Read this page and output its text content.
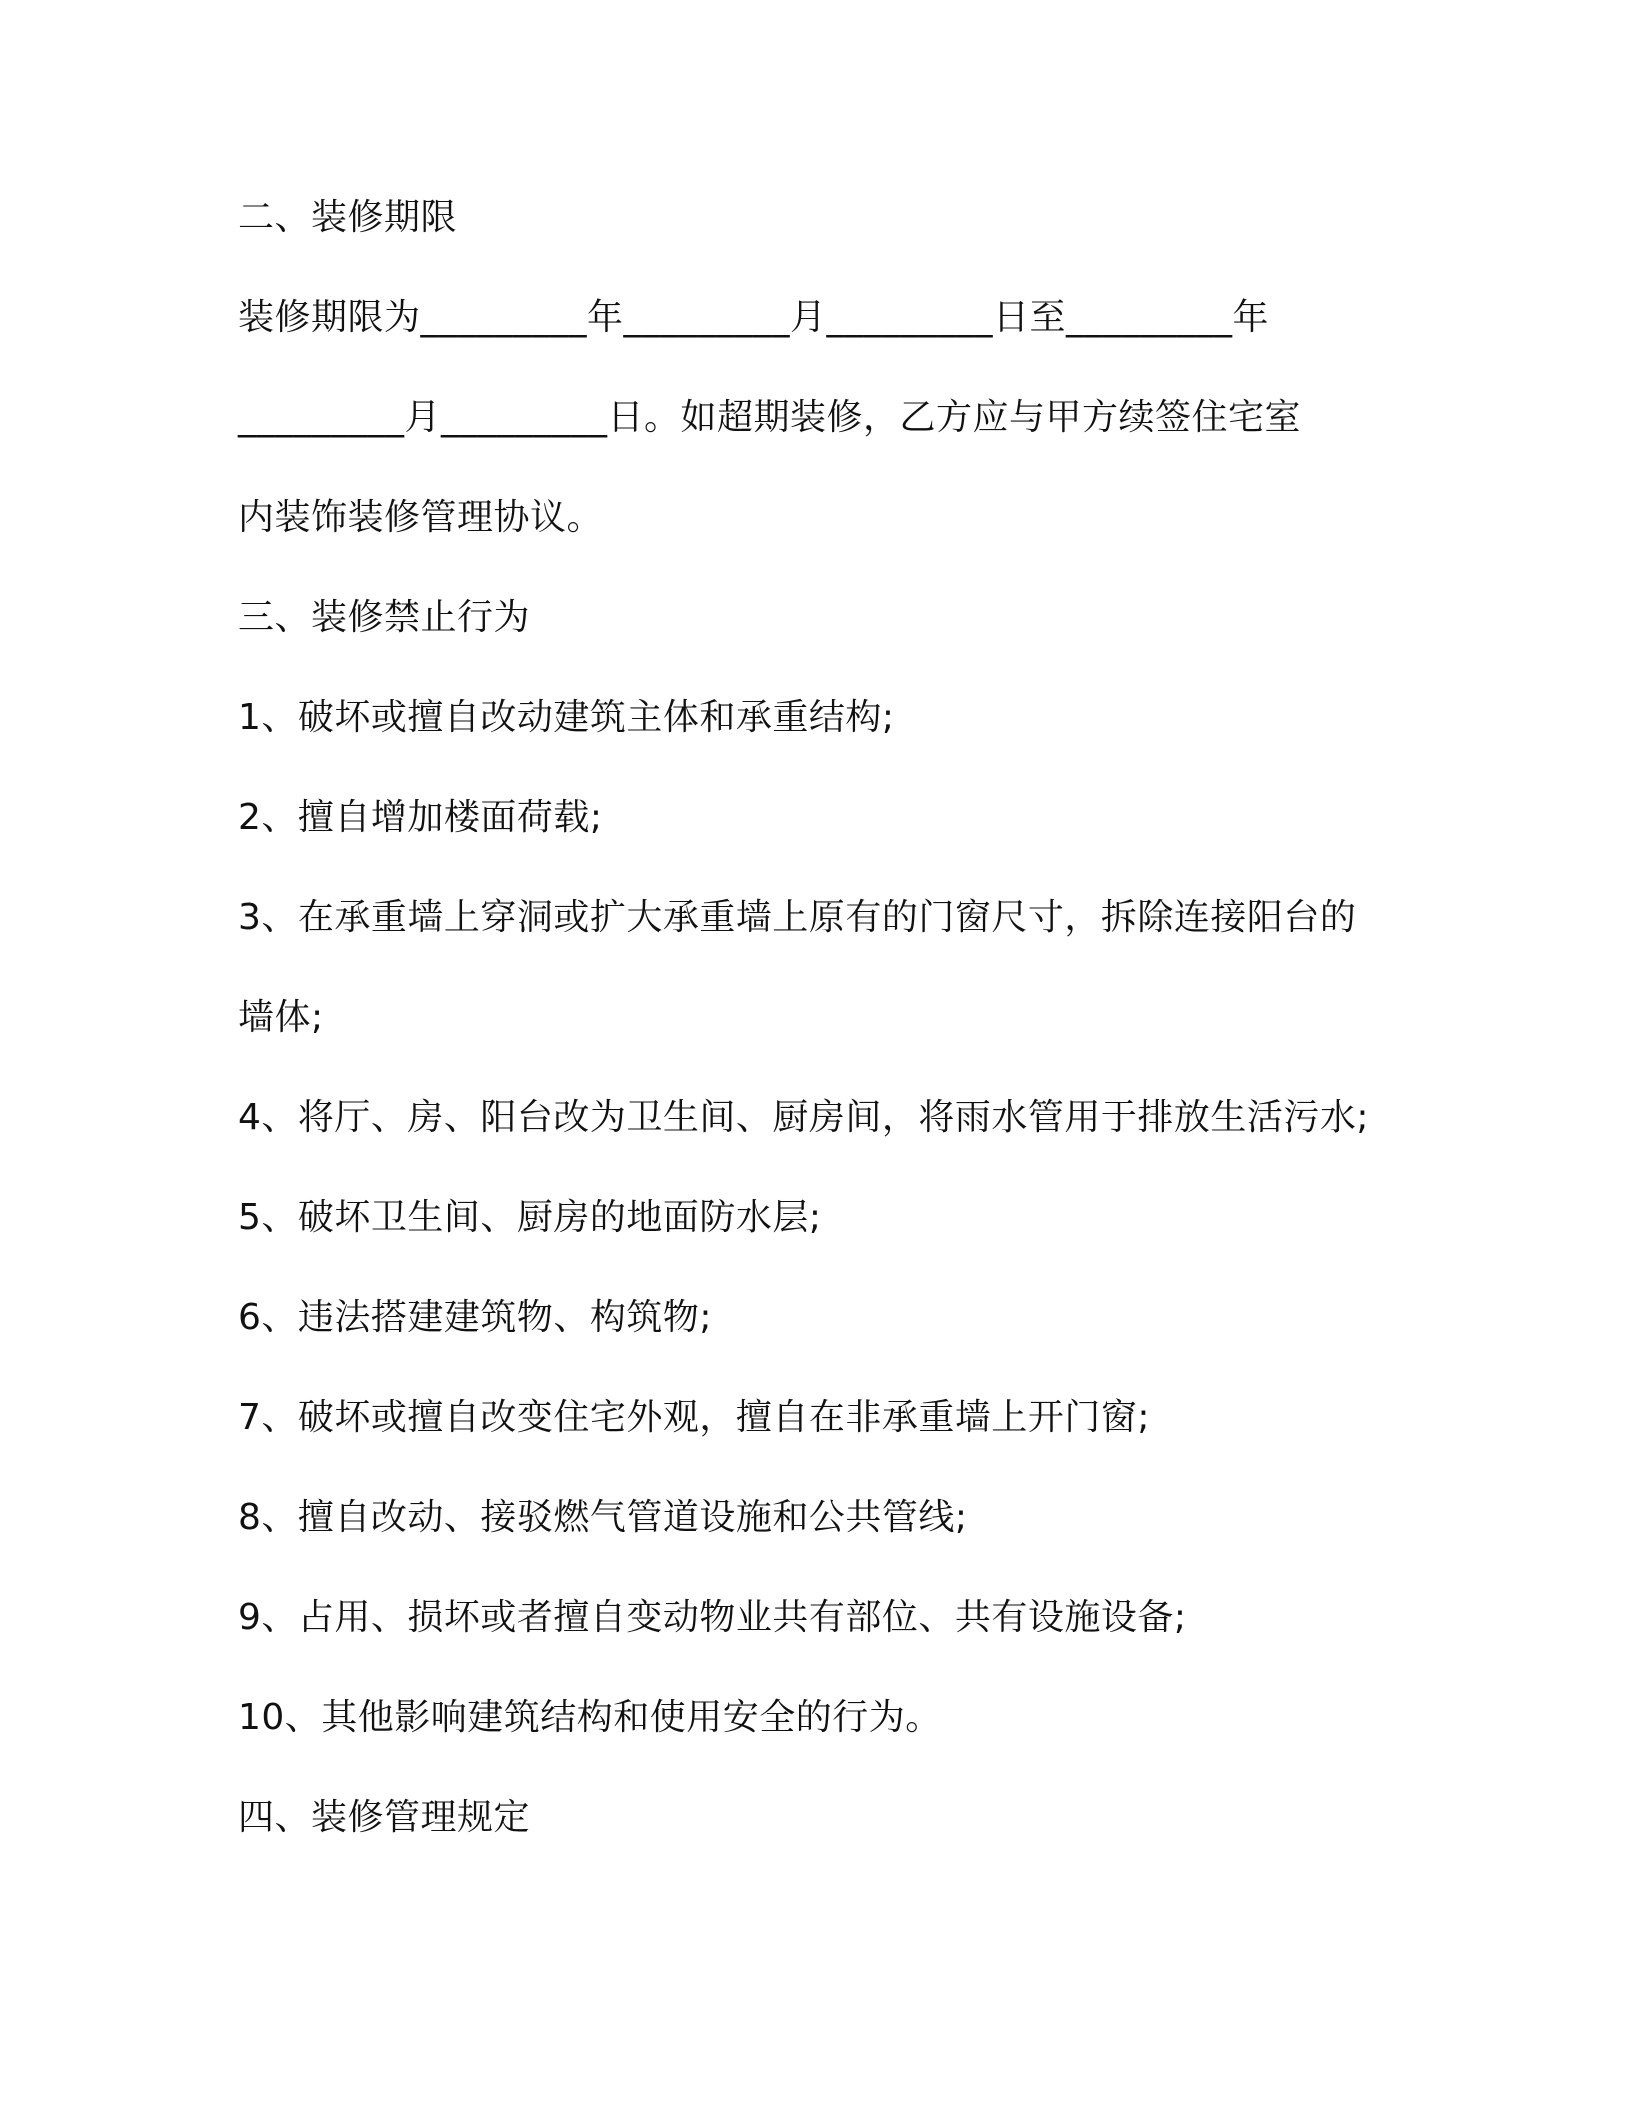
二、装修期限
装修期限为_________年_________月_________日至_________年
_________月_________日。如超期装修，乙方应与甲方续签住宅室
内装饰装修管理协议。
三、装修禁止行为
1、破坏或擅自改动建筑主体和承重结构;
2、擅自增加楼面荷载;
3、在承重墙上穿洞或扩大承重墙上原有的门窗尺寸，拆除连接阳台的
墙体;
4、将厅、房、阳台改为卫生间、厨房间，将雨水管用于排放生活污水;
5、破坏卫生间、厨房的地面防水层;
6、违法搭建建筑物、构筑物;
7、破坏或擅自改变住宅外观，擅自在非承重墙上开门窗;
8、擅自改动、接驳燃气管道设施和公共管线;
9、占用、损坏或者擅自变动物业共有部位、共有设施设备;
10、其他影响建筑结构和使用安全的行为。
四、装修管理规定
